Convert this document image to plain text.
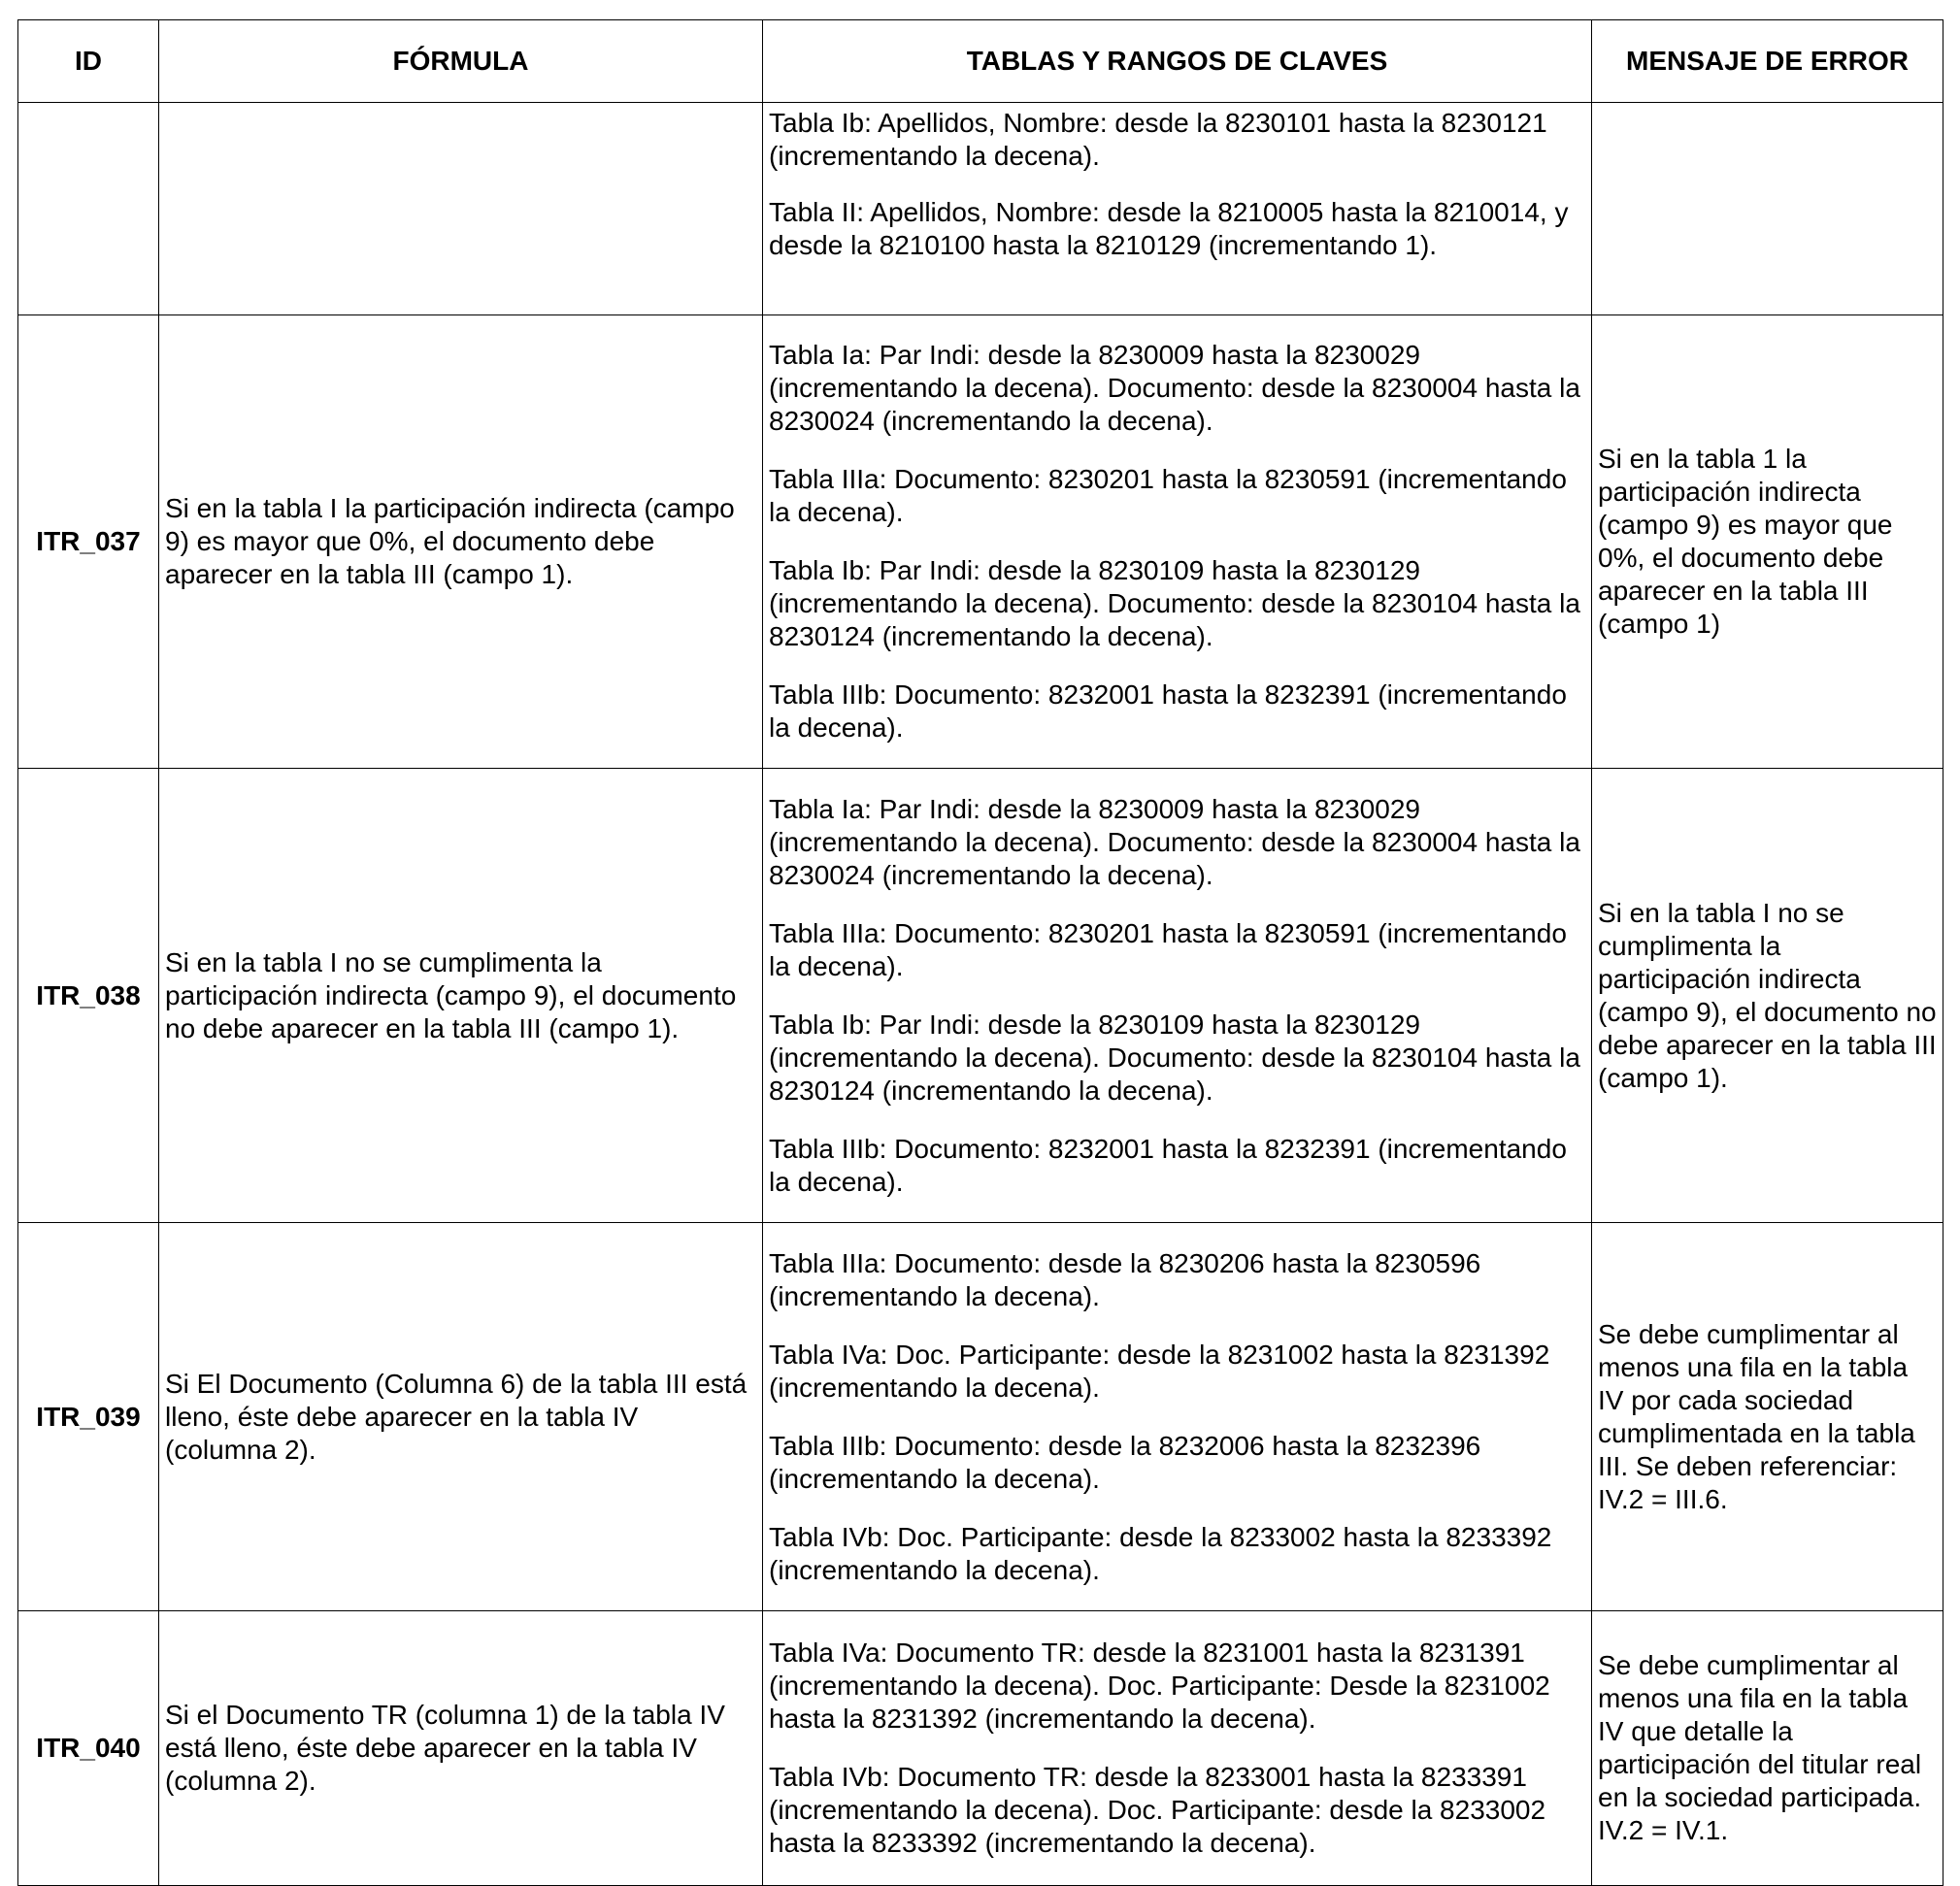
ID	FÓRMULA	TABLAS Y RANGOS DE CLAVES	MENSAJE DE ERROR

		Tabla Ib: Apellidos, Nombre: desde la 8230101 hasta la 8230121 (incrementando la decena).

Tabla II: Apellidos, Nombre: desde la 8210005 hasta la 8210014, y desde la 8210100 hasta la 8210129 (incrementando 1).	

ITR_037	Si en la tabla I la participación indirecta (campo 9) es mayor que 0%, el documento debe aparecer en la tabla III (campo 1).	Tabla Ia: Par Indi: desde la 8230009 hasta la 8230029 (incrementando la decena). Documento: desde la 8230004 hasta la 8230024 (incrementando la decena).

Tabla IIIa: Documento: 8230201 hasta la 8230591 (incrementando la decena).

Tabla Ib: Par Indi: desde la 8230109 hasta la 8230129 (incrementando la decena). Documento: desde la 8230104 hasta la 8230124 (incrementando la decena).

Tabla IIIb: Documento: 8232001 hasta la 8232391 (incrementando la decena).	Si en la tabla 1 la participación indirecta (campo 9) es mayor que 0%, el documento debe aparecer en la tabla III (campo 1)
ITR_038	Si en la tabla I no se cumplimenta la participación indirecta (campo 9), el documento no debe aparecer en la tabla III (campo 1).	Tabla Ia: Par Indi: desde la 8230009 hasta la 8230029 (incrementando la decena). Documento: desde la 8230004 hasta la 8230024 (incrementando la decena).

Tabla IIIa: Documento: 8230201 hasta la 8230591 (incrementando la decena).

Tabla Ib: Par Indi: desde la 8230109 hasta la 8230129 (incrementando la decena). Documento: desde la 8230104 hasta la 8230124 (incrementando la decena).

Tabla IIIb: Documento: 8232001 hasta la 8232391 (incrementando la decena).	Si en la tabla I no se cumplimenta la participación indirecta (campo 9), el documento no debe aparecer en la tabla III (campo 1).
ITR_039	Si El Documento (Columna 6) de la tabla III está lleno, éste debe aparecer en la tabla IV (columna 2).	Tabla IIIa: Documento: desde la 8230206 hasta la 8230596 (incrementando la decena).

Tabla IVa: Doc. Participante: desde la 8231002 hasta la 8231392 (incrementando la decena).

Tabla IIIb: Documento: desde la 8232006 hasta la 8232396 (incrementando la decena).

Tabla IVb: Doc. Participante: desde la 8233002 hasta la 8233392 (incrementando la decena).	Se debe cumplimentar al menos una fila en la tabla IV por cada sociedad cumplimentada en la tabla III. Se deben referenciar: IV.2 = III.6.
ITR_040	Si el Documento TR (columna 1) de la tabla IV está lleno, éste debe aparecer en la tabla IV (columna 2).	Tabla IVa: Documento TR: desde la 8231001 hasta la 8231391 (incrementando la decena). Doc. Participante: Desde la 8231002 hasta la 8231392 (incrementando la decena).

Tabla IVb: Documento TR: desde la 8233001 hasta la 8233391 (incrementando la decena). Doc. Participante: desde la 8233002 hasta la 8233392 (incrementando la decena).	Se debe cumplimentar al menos una fila en la tabla IV que detalle la participación del titular real en la sociedad participada. IV.2 = IV.1.
